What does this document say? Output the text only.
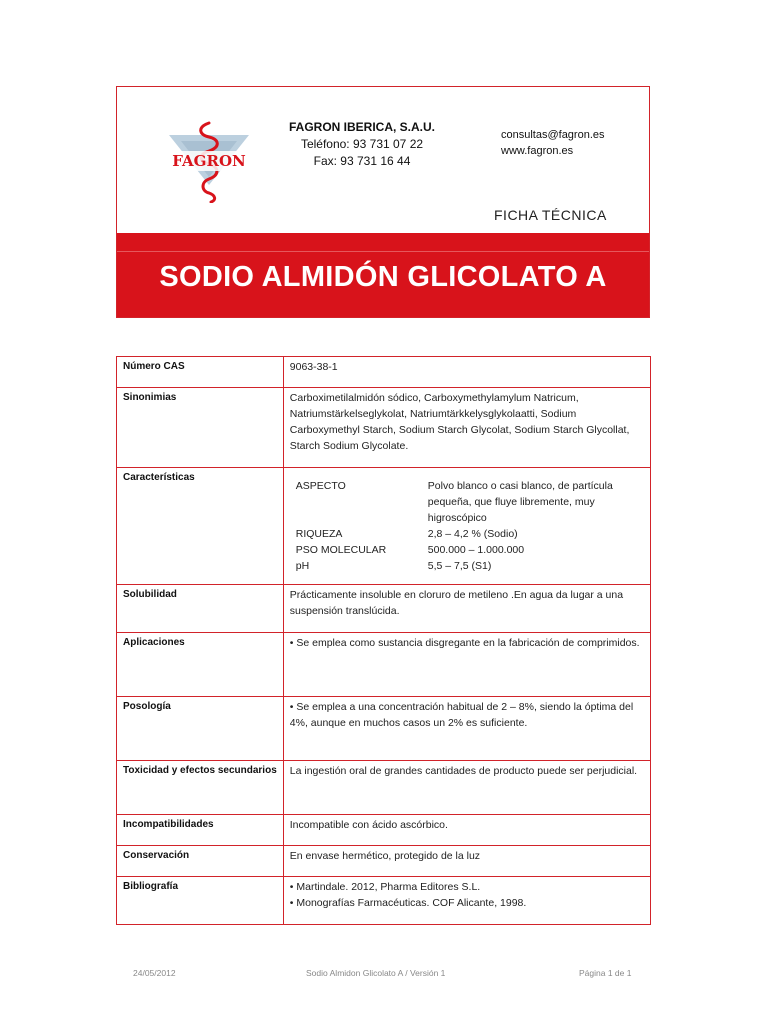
FAGRON
FAGRON IBERICA, S.A.U.
Teléfono: 93 731 07 22
Fax: 93 731 16 44
consultas@fagron.es
www.fagron.es
FICHA TÉCNICA
SODIO ALMIDÓN GLICOLATO A
Número CAS	9063-38-1
Sinonimias	Carboximetilalmidón sódico, Carboxymethylamylum Natricum, Natriumstärkelseglykolat, Natriumtärkkelysglykolaatti, Sodium Carboxymethyl Starch, Sodium Starch Glycolat, Sodium Starch Glycollat, Starch Sodium Glycolate.
Características	
ASPECTO	Polvo blanco o casi blanco, de partícula pequeña, que fluye libremente, muy higroscópico
RIQUEZA	2,8 – 4,2 % (Sodio)
PSO MOLECULAR	500.000 – 1.000.000
pH	5,5 – 7,5 (S1)

Solubilidad	Prácticamente insoluble en cloruro de metileno .En agua da lugar a una suspensión translúcida.
Aplicaciones	• Se emplea como sustancia disgregante en la fabricación de comprimidos.
Posología	• Se emplea a una concentración habitual de 2 – 8%, siendo la óptima del 4%, aunque en muchos casos un 2% es suficiente.
Toxicidad y efectos secundarios	La ingestión oral de grandes cantidades de producto puede ser perjudicial.
Incompatibilidades	Incompatible con ácido ascórbico.
Conservación	En envase hermético, protegido de la luz
Bibliografía	• Martindale. 2012, Pharma Editores S.L.
• Monografías Farmacéuticas. COF Alicante, 1998.
24/05/2012	Sodio Almidon Glicolato A / Versión 1	Página 1 de 1
